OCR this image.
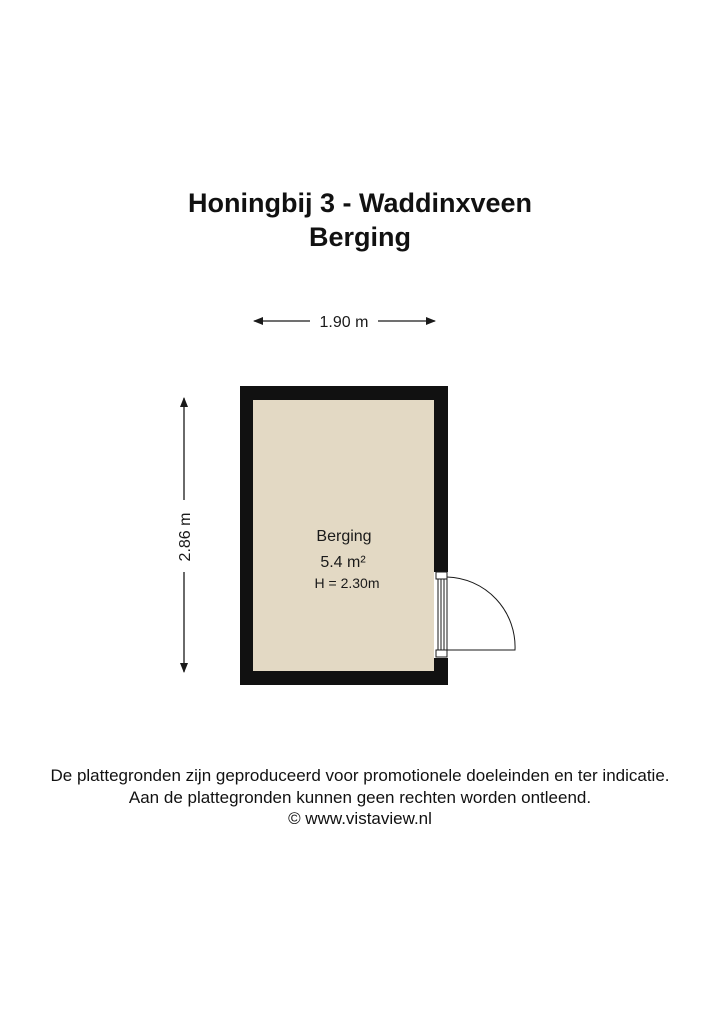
Honingbij 3 - Waddinxveen
Berging
1.90 m
2.86 m	Berging
5.4 m²
H = 2.30m
De plattegronden zijn geproduceerd voor promotionele doeleinden en ter indicatie.
Aan de plattegronden kunnen geen rechten worden ontleend.
© www.vistaview.nl
